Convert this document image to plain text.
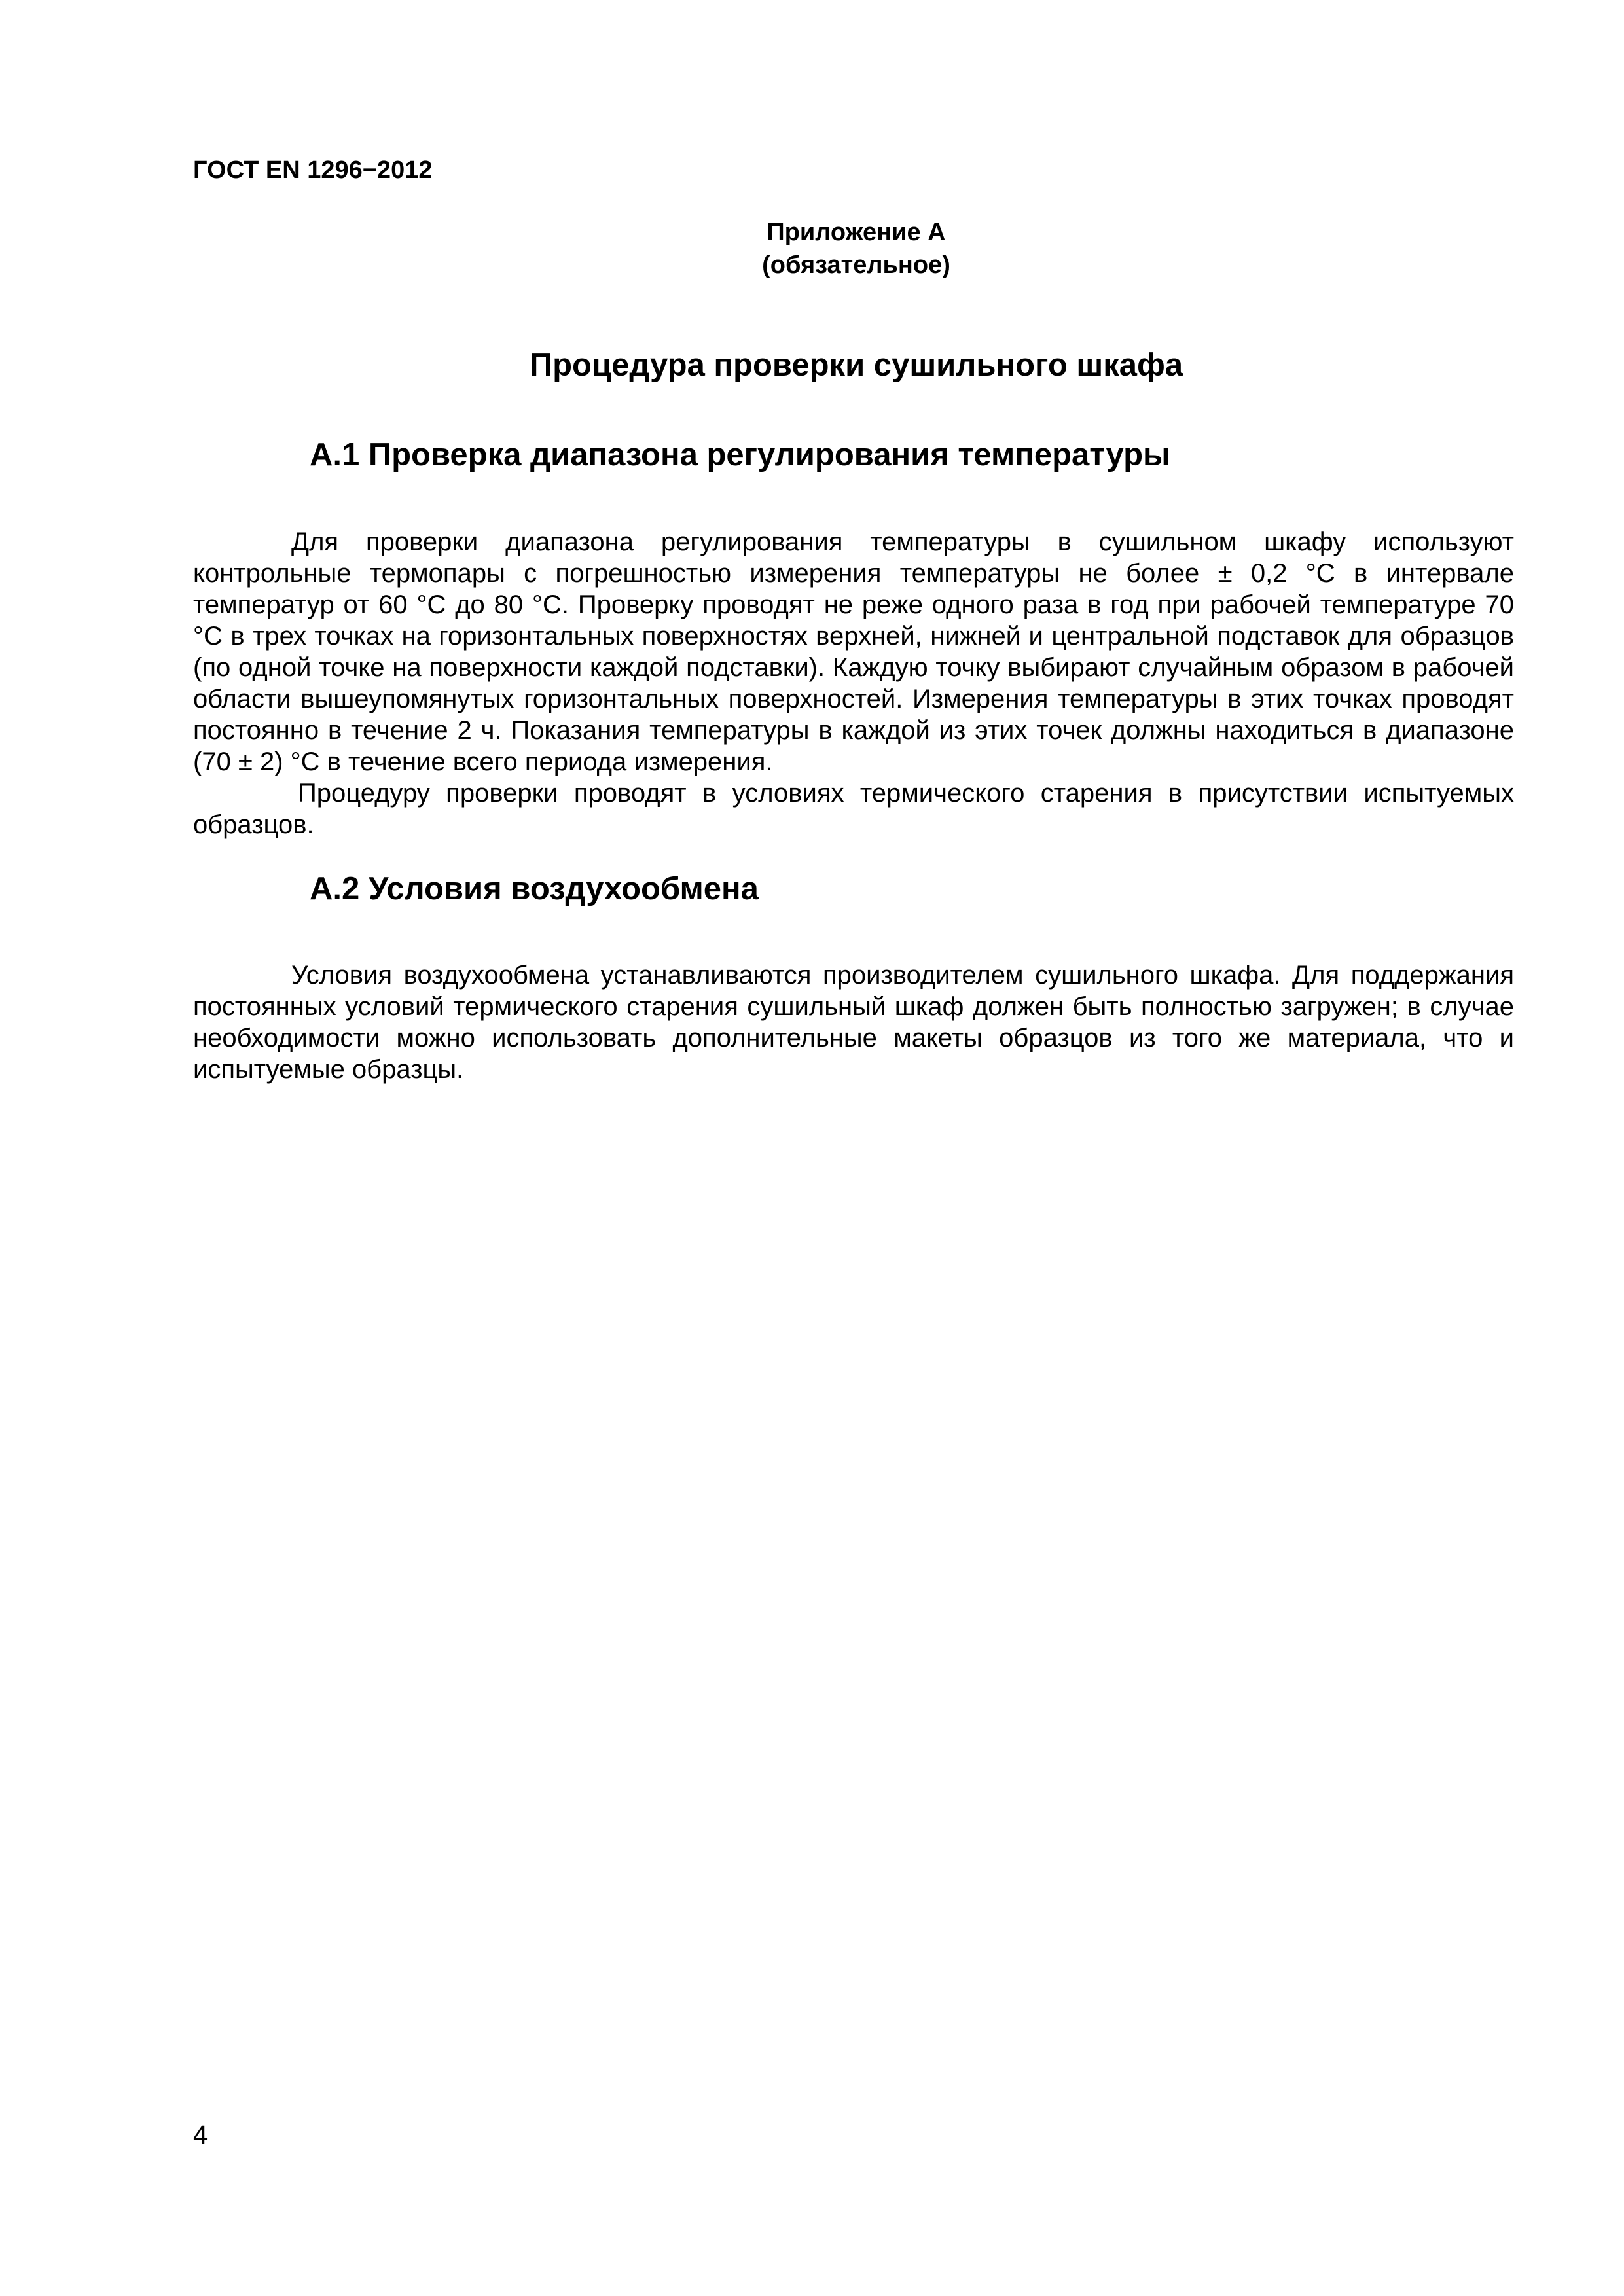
ГОСТ EN 1296−2012
Приложение А
(обязательное)
Процедура проверки сушильного шкафа
А.1 Проверка диапазона регулирования температуры

Для проверки диапазона регулирования температуры в сушильном шкафу используют контрольные термопары с погрешностью измерения температуры не более ± 0,2 °С в интервале температур от 60 °С до 80 °С. Проверку проводят не реже одного раза в год при рабочей температуре 70 °С в трех точках на горизонтальных поверхностях верхней, нижней и центральной подставок для образцов (по одной точке на поверхности каждой подставки). Каждую точку выбирают случайным образом в рабочей области вышеупомянутых горизонтальных поверхностей. Измерения температуры в этих точках проводят постоянно в течение 2 ч. Показания температуры в каждой из этих точек должны находиться в диапазоне (70 ± 2) °С в течение всего периода измерения.

Процедуру проверки проводят в условиях термического старения в присутствии испытуемых образцов.

А.2 Условия воздухообмена

Условия воздухообмена устанавливаются производителем сушильного шкафа. Для поддержания постоянных условий термического старения сушильный шкаф должен быть полностью загружен; в случае необходимости можно использовать дополнительные макеты образцов из того же материала, что и испытуемые образцы.

4
